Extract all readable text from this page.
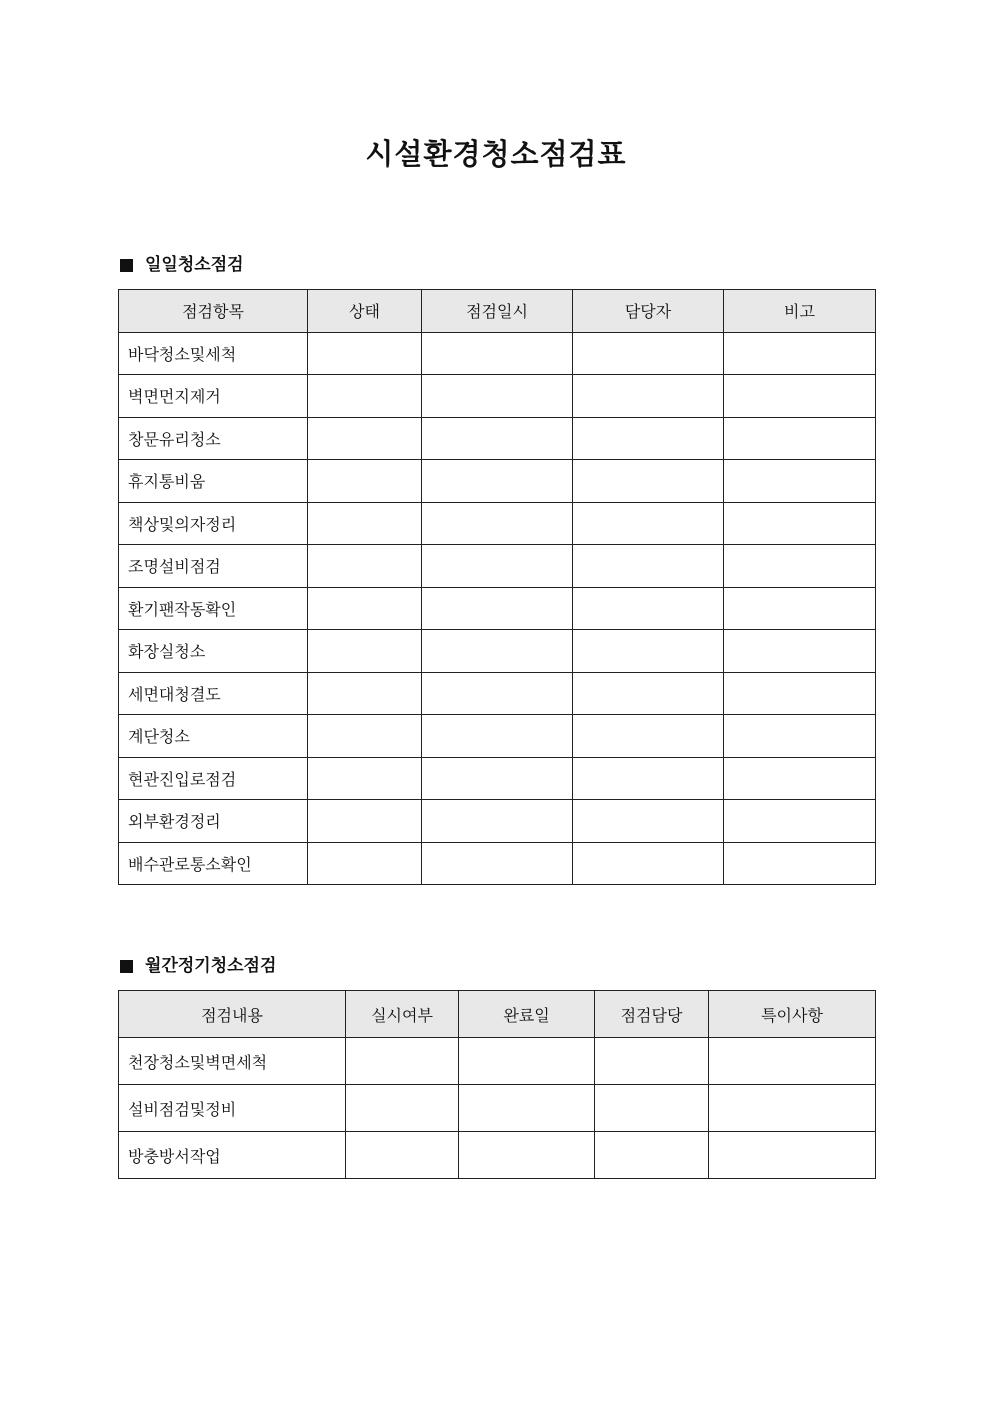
시설환경청소점검표
일일청소점검
점검항목	상태	점검일시	담당자	비고
바닥청소및세척				
벽면먼지제거				
창문유리청소				
휴지통비움				
책상및의자정리				
조명설비점검				
환기팬작동확인				
화장실청소				
세면대청결도				
계단청소				
현관진입로점검				
외부환경정리				
배수관로통소확인				
월간정기청소점검
점검내용	실시여부	완료일	점검담당	특이사항
천장청소및벽면세척				
설비점검및정비				
방충방서작업				
